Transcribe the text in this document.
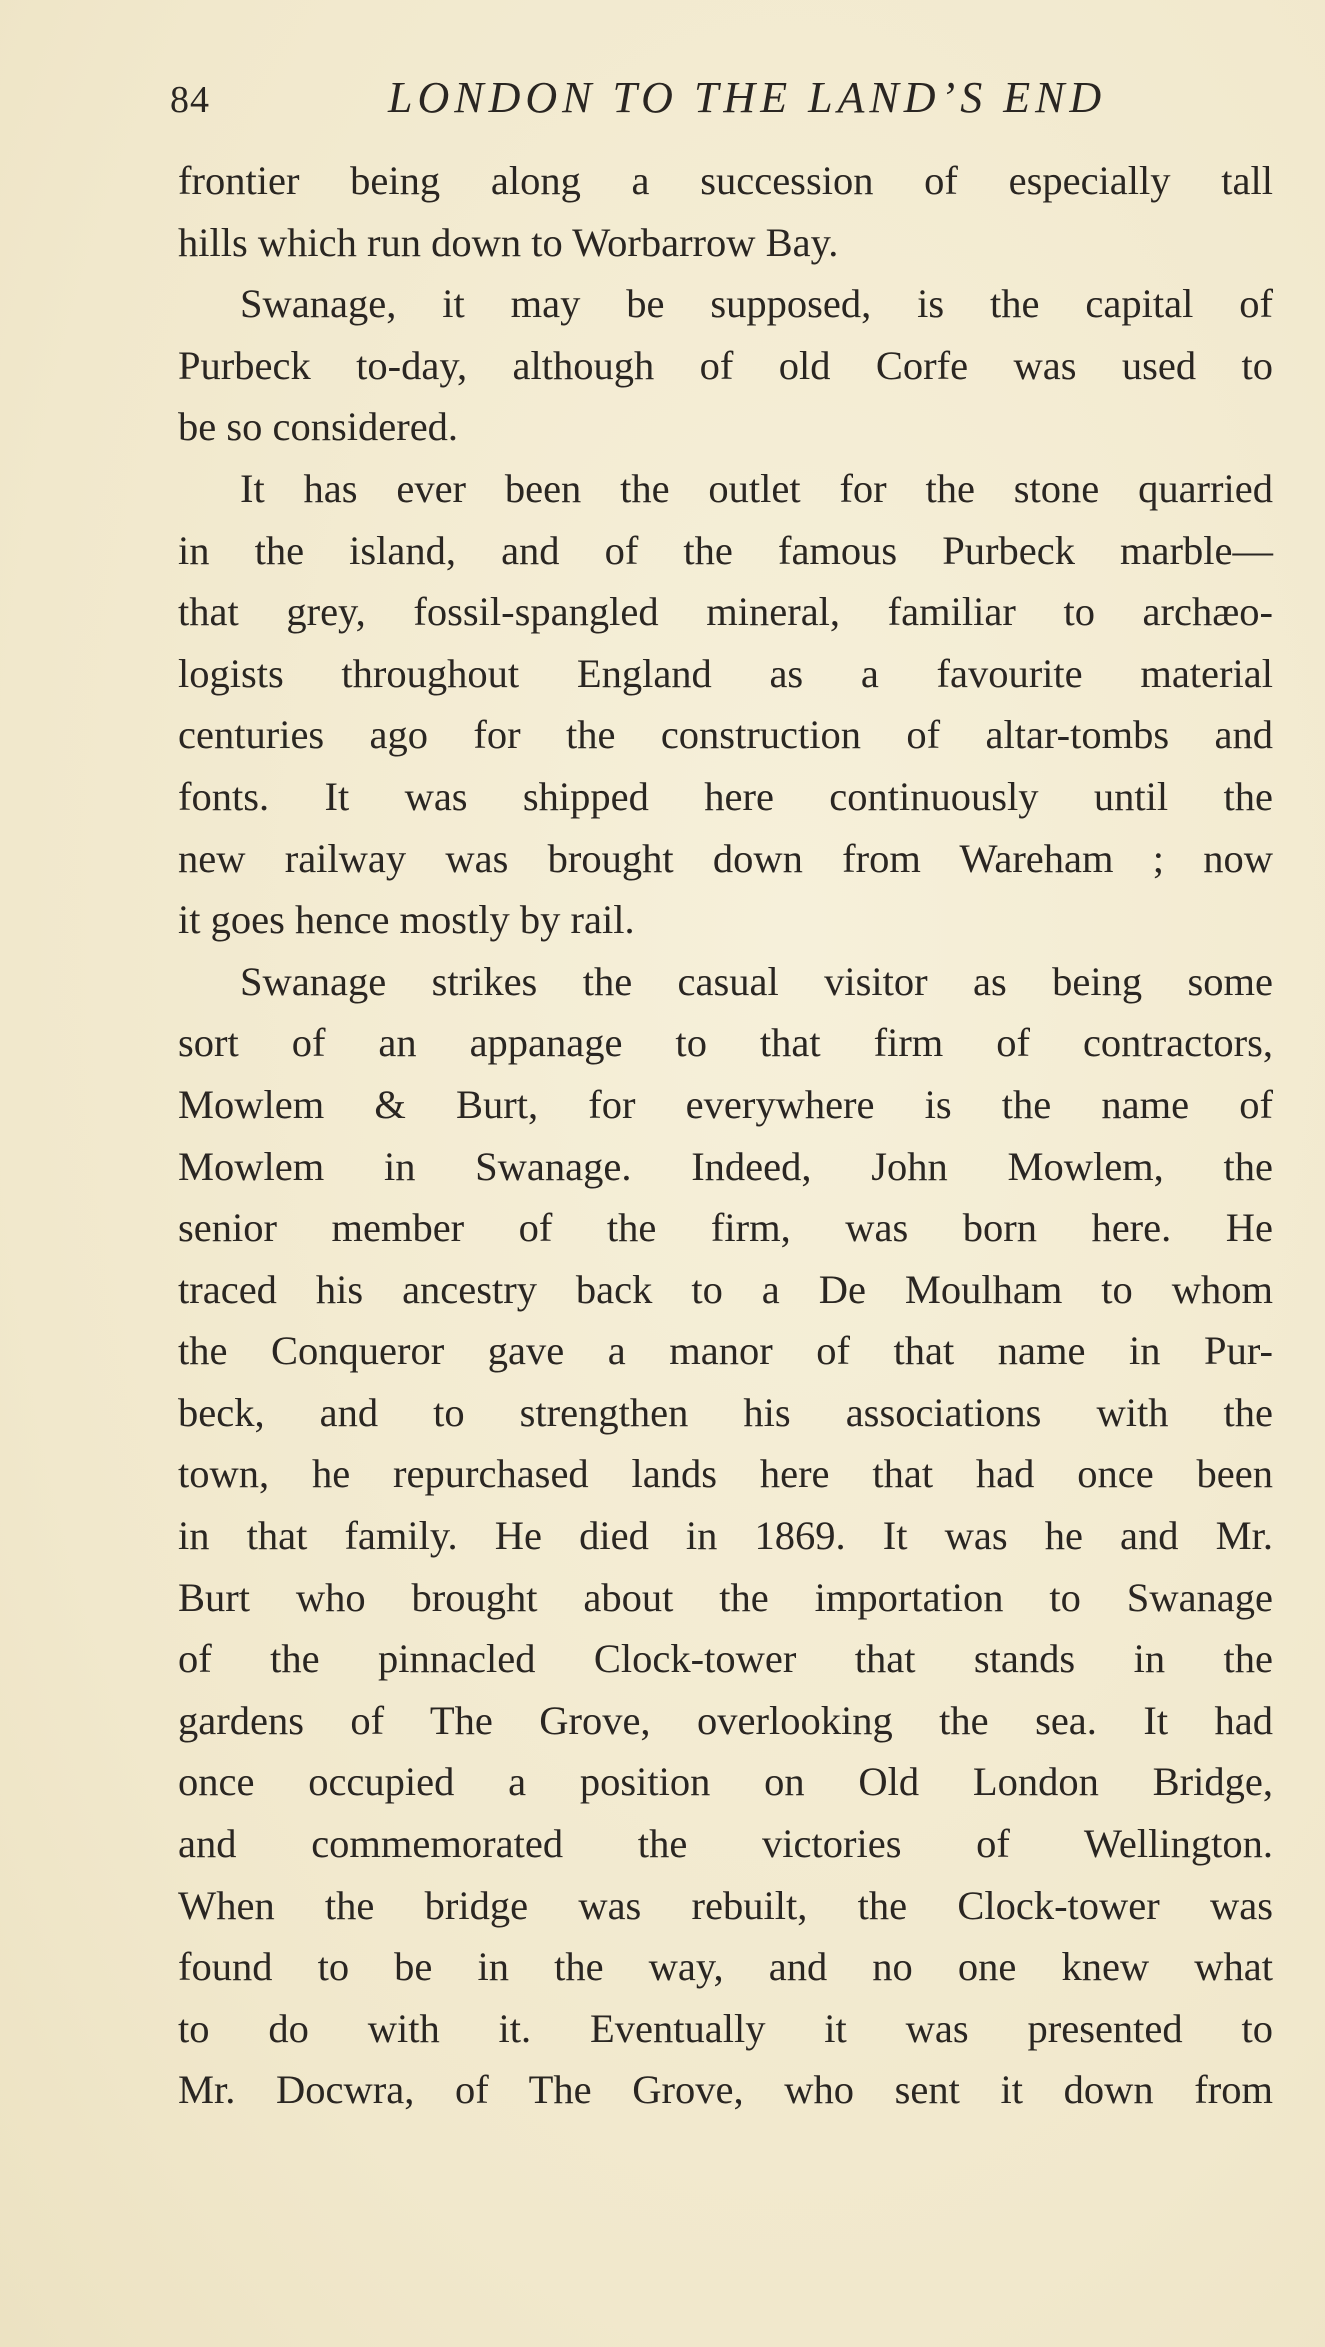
84	LONDON TO THE LAND’S END
frontier being along a succession of especially tall
hills which run down to Worbarrow Bay.
Swanage, it may be supposed, is the capital of
Purbeck to-day, although of old Corfe was used to
be so considered.
It has ever been the outlet for the stone quarried
in the island, and of the famous Purbeck marble—
that grey, fossil-spangled mineral, familiar to archæo-
logists throughout England as a favourite material
centuries ago for the construction of altar-tombs and
fonts. It was shipped here continuously until the
new railway was brought down from Wareham ; now
it goes hence mostly by rail.
Swanage strikes the casual visitor as being some
sort of an appanage to that firm of contractors,
Mowlem & Burt, for everywhere is the name of
Mowlem in Swanage. Indeed, John Mowlem, the
senior member of the firm, was born here. He
traced his ancestry back to a De Moulham to whom
the Conqueror gave a manor of that name in Pur-
beck, and to strengthen his associations with the
town, he repurchased lands here that had once been
in that family. He died in 1869. It was he and Mr.
Burt who brought about the importation to Swanage
of the pinnacled Clock-tower that stands in the
gardens of The Grove, overlooking the sea. It had
once occupied a position on Old London Bridge,
and commemorated the victories of Wellington.
When the bridge was rebuilt, the Clock-tower was
found to be in the way, and no one knew what
to do with it. Eventually it was presented to
Mr. Docwra, of The Grove, who sent it down from
